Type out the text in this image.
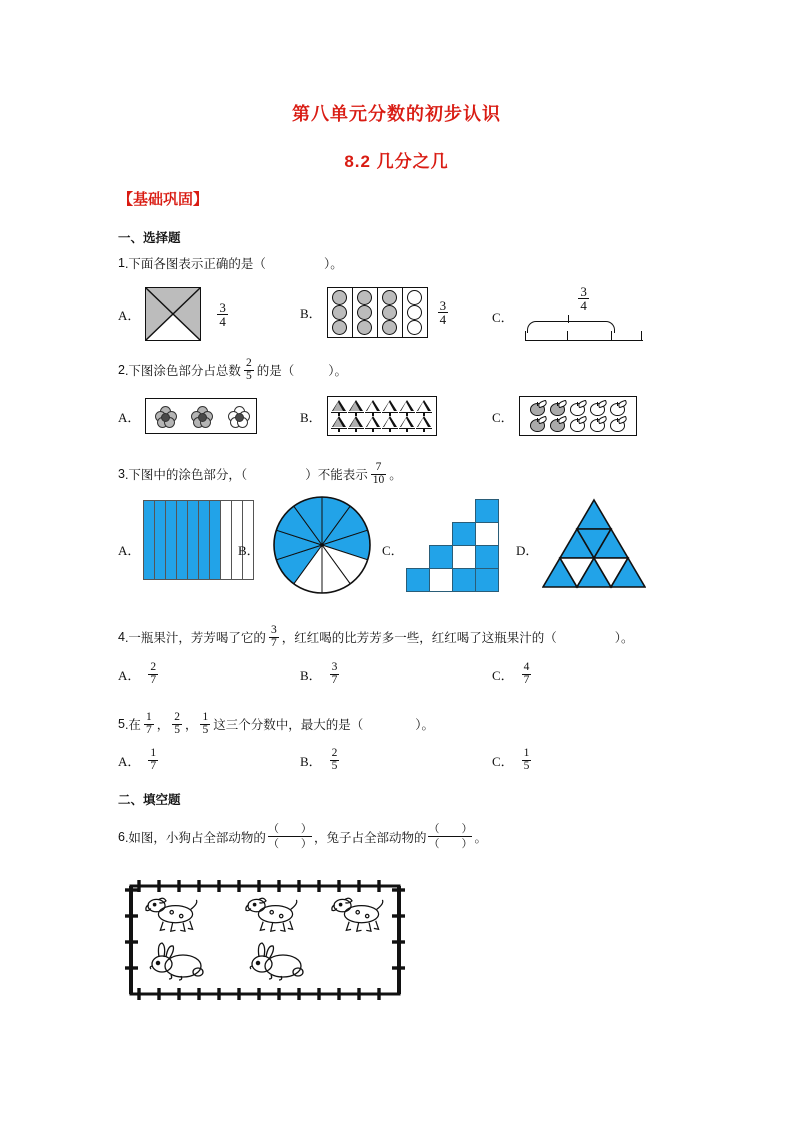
第八单元分数的初步认识
8.2 几分之几
【基础巩固】
一、选择题
1 .下面各图表示正确的是（	）。
A．	$\frac{3}{4}$	B．	$\frac{3}{4}$	C．
$\frac{3}{4}$
2 .下图涂色部分占总数 $\frac{2}{5}$ 的是（	）。
A．	B．	C．
3 .下图中的涂色部分，（	）不能表示 $\frac{7}{10}$ 。
A．	B．	C．	D．
4 .一瓶果汁，芳芳喝了它的 $\frac{3}{7}$ ，红红喝的比芳芳多一些，红红喝了这瓶果汁的（	）。
A． $\frac{2}{7}$	B． $\frac{3}{7}$	C． $\frac{4}{7}$
5 .在 $\frac{1}{7}$ ， $\frac{2}{5}$ ， $\frac{1}{5}$ 这三个分数中，最大的是（	）。
A． $\frac{1}{7}$	B． $\frac{2}{5}$	C． $\frac{1}{5}$
二、填空题
6 .如图，小狗占全部动物的
（　　）
（　　） ，兔子占全部动物的
（　　）
（　　） 。
